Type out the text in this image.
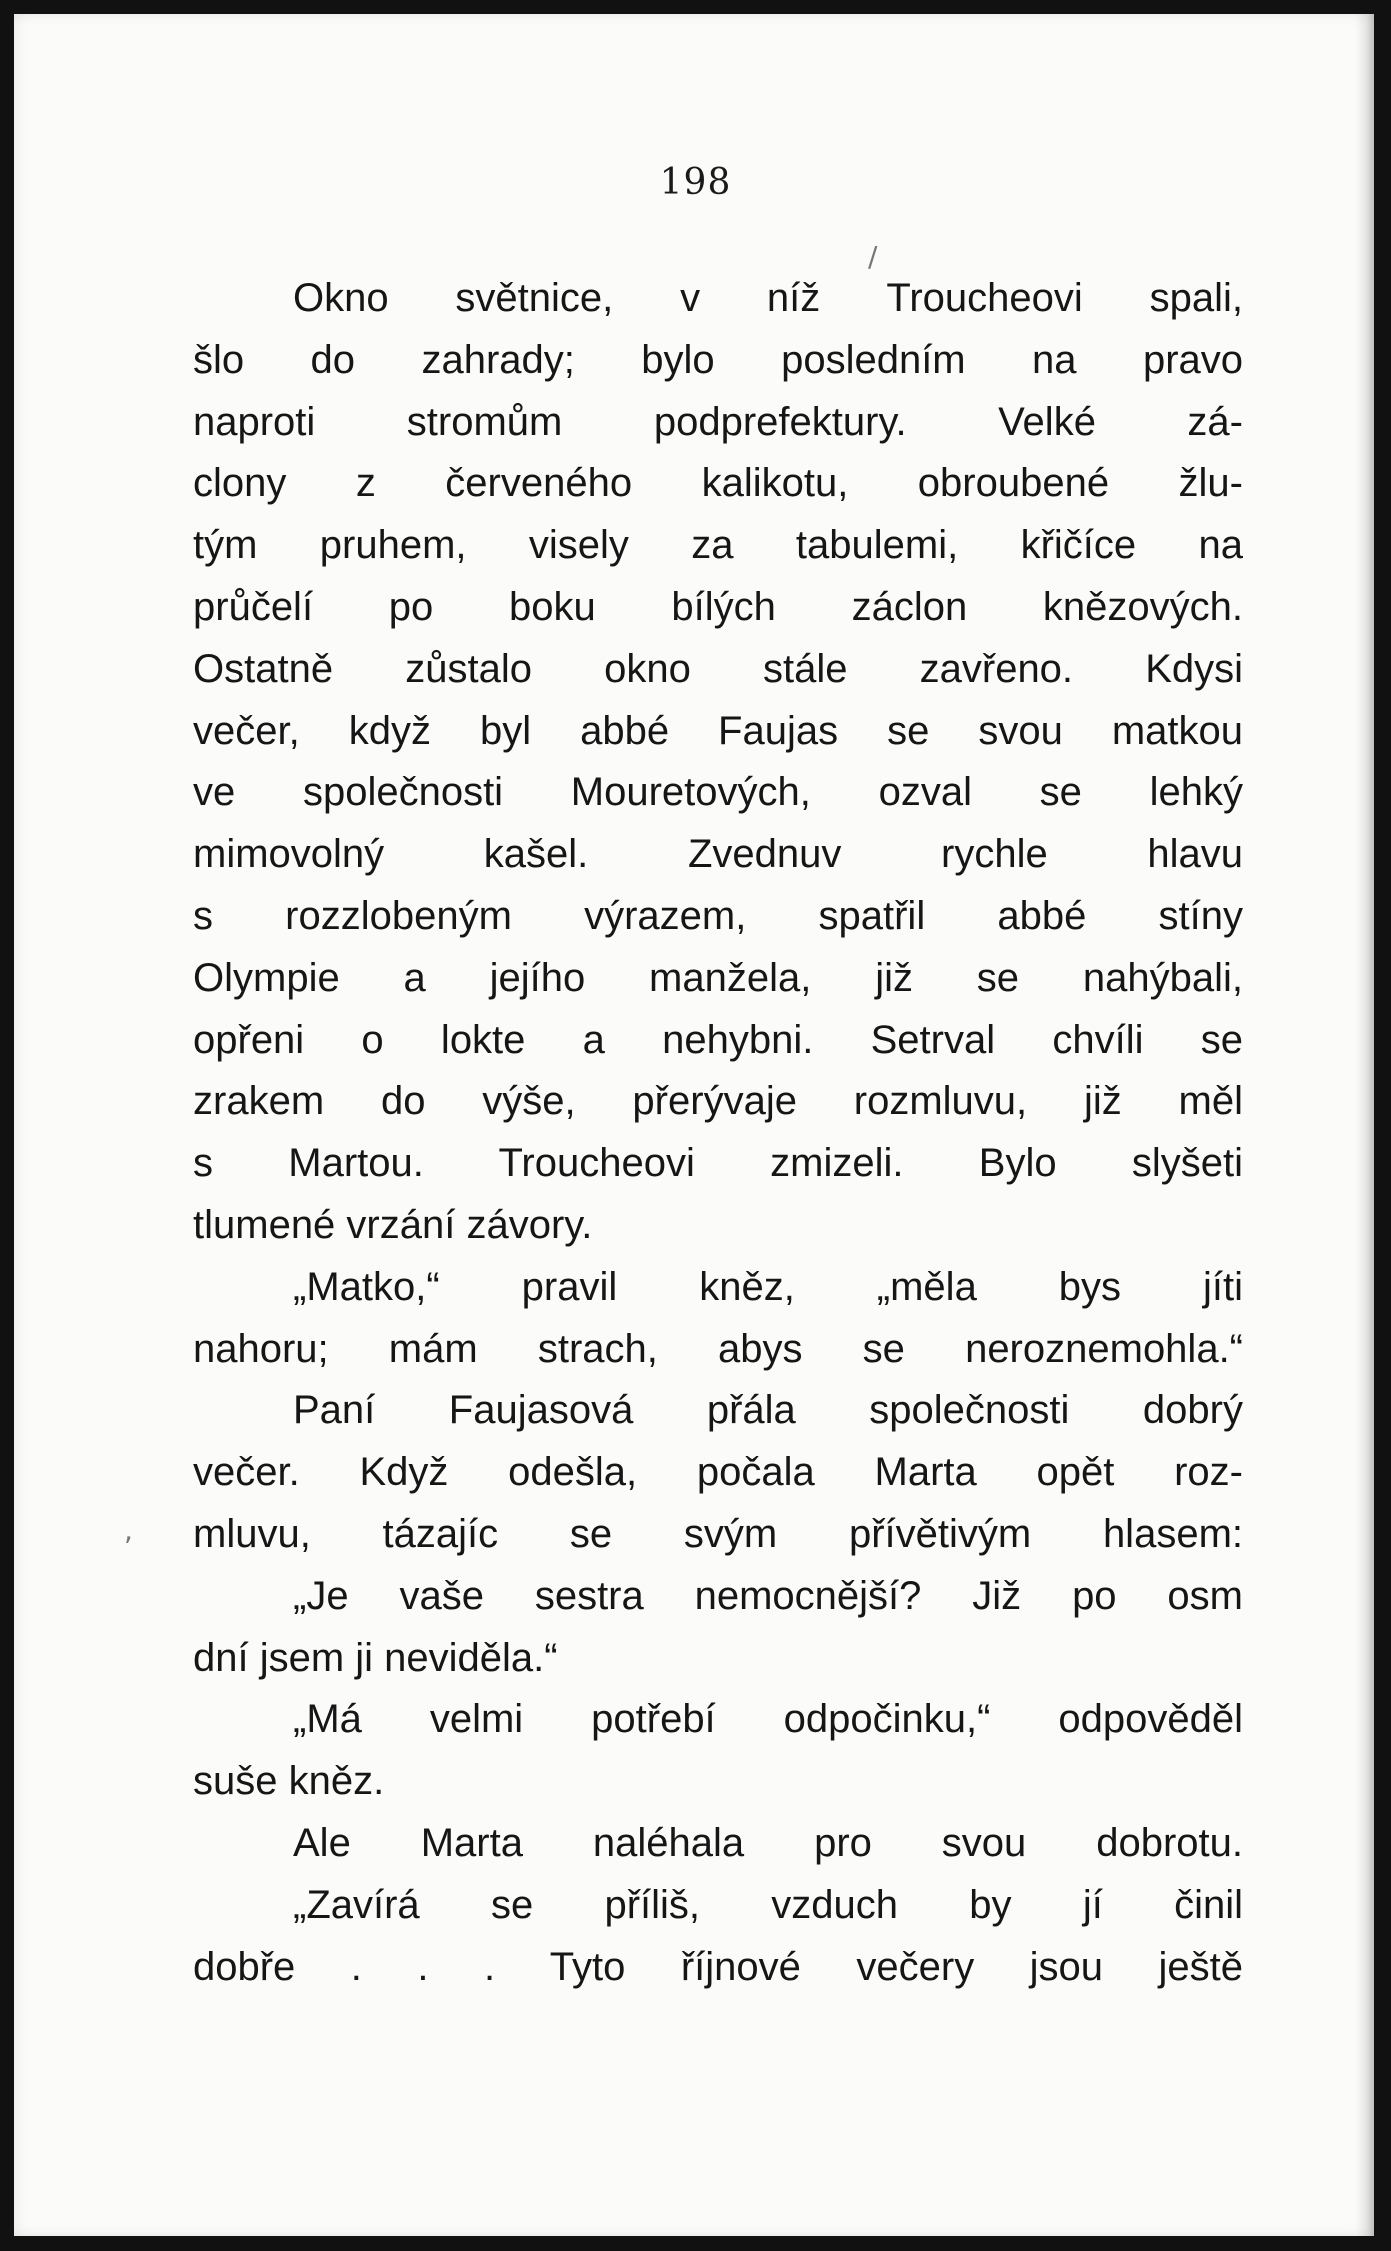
198
/
,
Okno světnice, v níž Troucheovi spali,
šlo do zahrady; bylo posledním na pravo
naproti stromům podprefektury. Velké zá-
clony z červeného kalikotu, obroubené žlu-
tým pruhem, visely za tabulemi, křičíce na
průčelí po boku bílých záclon knězových.
Ostatně zůstalo okno stále zavřeno. Kdysi
večer, když byl abbé Faujas se svou matkou
ve společnosti Mouretových, ozval se lehký
mimovolný kašel. Zvednuv rychle hlavu
s rozzlobeným výrazem, spatřil abbé stíny
Olympie a jejího manžela, již se nahýbali,
opřeni o lokte a nehybni. Setrval chvíli se
zrakem do výše, přerývaje rozmluvu, již měl
s Martou. Troucheovi zmizeli. Bylo slyšeti
tlumené vrzání závory.
„Matko,“ pravil kněz, „měla bys jíti
nahoru; mám strach, abys se neroznemohla.“
Paní Faujasová přála společnosti dobrý
večer. Když odešla, počala Marta opět roz-
mluvu, tázajíc se svým přívětivým hlasem:
„Je vaše sestra nemocnější? Již po osm
dní jsem ji neviděla.“
„Má velmi potřebí odpočinku,“ odpověděl
suše kněz.
Ale Marta naléhala pro svou dobrotu.
„Zavírá se příliš, vzduch by jí činil
dobře . . . Tyto říjnové večery jsou ještě
